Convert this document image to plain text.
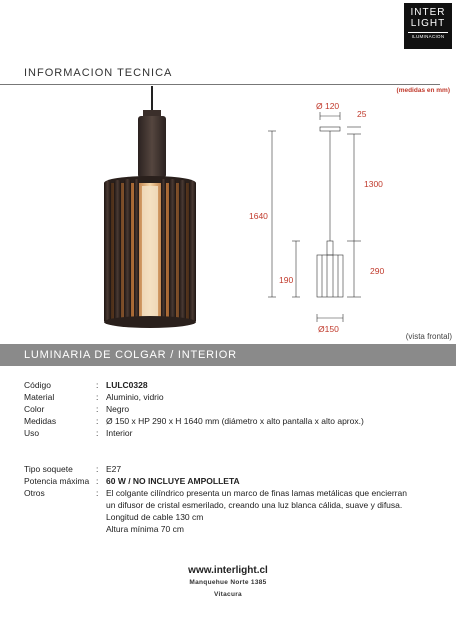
INTER
LIGHT
ILUMINACION
INFORMACION TECNICA
(medidas en mm)
Ø 120
25
1300
1640
290
190
Ø150
(vista frontal)
LUMINARIA DE COLGAR / INTERIOR
Código	: LULC0328
Material	: Aluminio, vidrio
Color	: Negro
Medidas	: Ø 150 x HP 290 x H 1640 mm (diámetro x alto pantalla x alto aprox.)
Uso	: Interior
Tipo soquete	: E27
Potencia máxima : 60 W / NO INCLUYE AMPOLLETA
Otros	: El colgante cilíndrico presenta un marco de finas lamas metálicas que encierran
un difusor de cristal esmerilado, creando una luz blanca cálida, suave y difusa.
Longitud de cable 130 cm
Altura mínima 70 cm
www.interlight.cl
Manquehue Norte 1385
Vitacura
